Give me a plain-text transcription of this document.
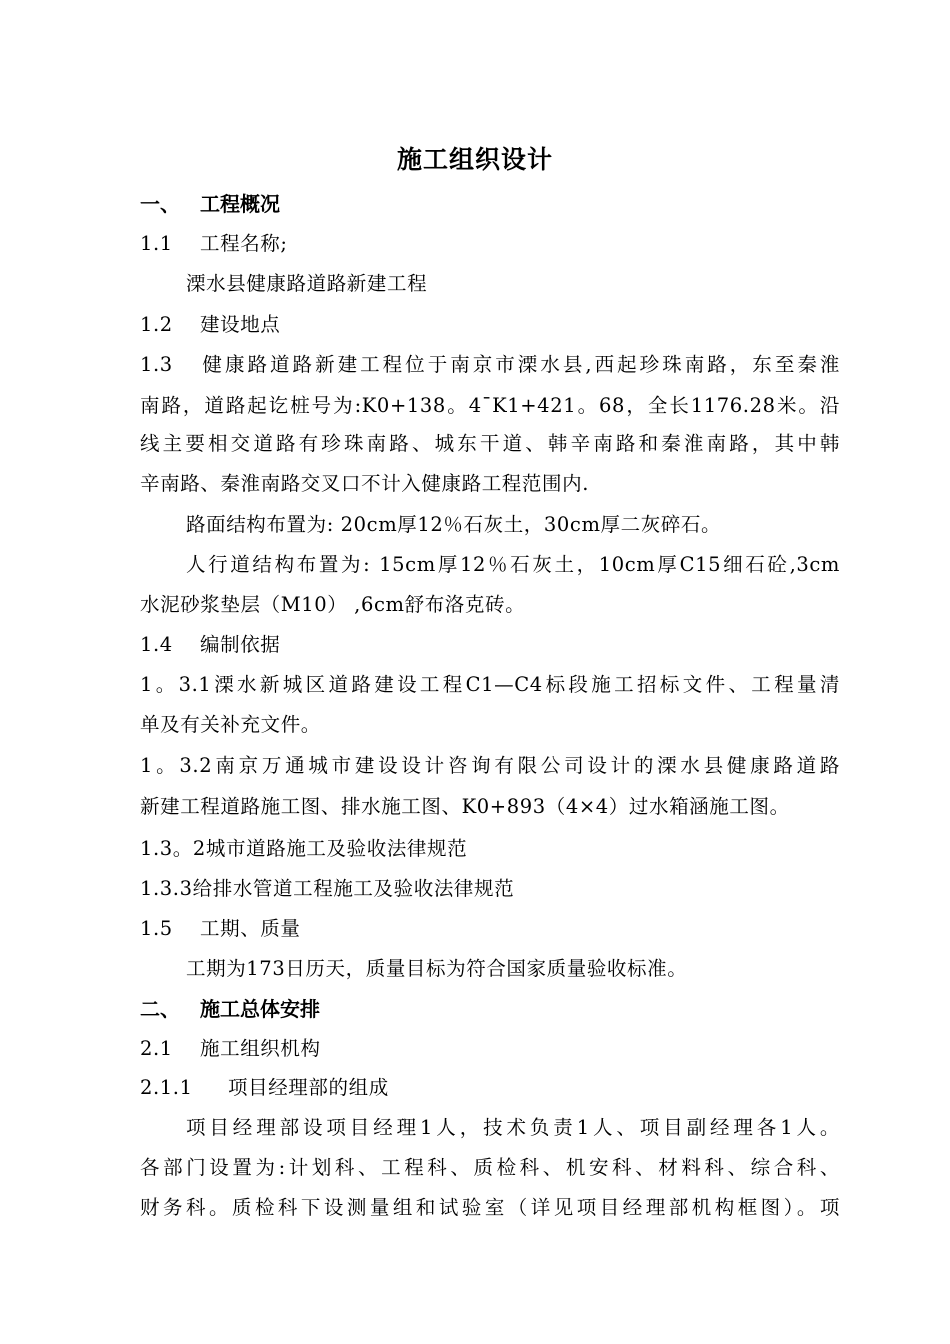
施工组织设计
一、 工程概况
1.1 工程名称;
溧水县健康路道路新建工程
1.2 建设地点
1.3 健康路道路新建工程位于南京市溧水县,西起珍珠南路，东至秦淮
南路，道路起讫桩号为:K0+138。4¯K1+421。68，全长1176.28米。沿
线主要相交道路有珍珠南路、城东干道、韩辛南路和秦淮南路，其中韩
辛南路、秦淮南路交叉口不计入健康路工程范围内.
路面结构布置为: 20cm厚12％石灰土，30cm厚二灰碎石。
人行道结构布置为: 15cm厚12％石灰土，10cm厚C15细石砼,3cm
水泥砂浆垫层（M10） ,6cm舒布洛克砖。
1.4 编制依据
1。3.1溧水新城区道路建设工程C1—C4标段施工招标文件、工程量清
单及有关补充文件。
1。3.2南京万通城市建设设计咨询有限公司设计的溧水县健康路道路
新建工程道路施工图、排水施工图、K0+893（4×4）过水箱涵施工图。
1.3。2城市道路施工及验收法律规范
1.3.3给排水管道工程施工及验收法律规范
1.5 工期、质量
工期为173日历天，质量目标为符合国家质量验收标准。
二、 施工总体安排
2.1 施工组织机构
2.1.1 项目经理部的组成
项目经理部设项目经理1人，技术负责1人、项目副经理各1人。
各部门设置为:计划科、工程科、质检科、机安科、材料科、综合科、
财务科。质检科下设测量组和试验室（详见项目经理部机构框图）。项
